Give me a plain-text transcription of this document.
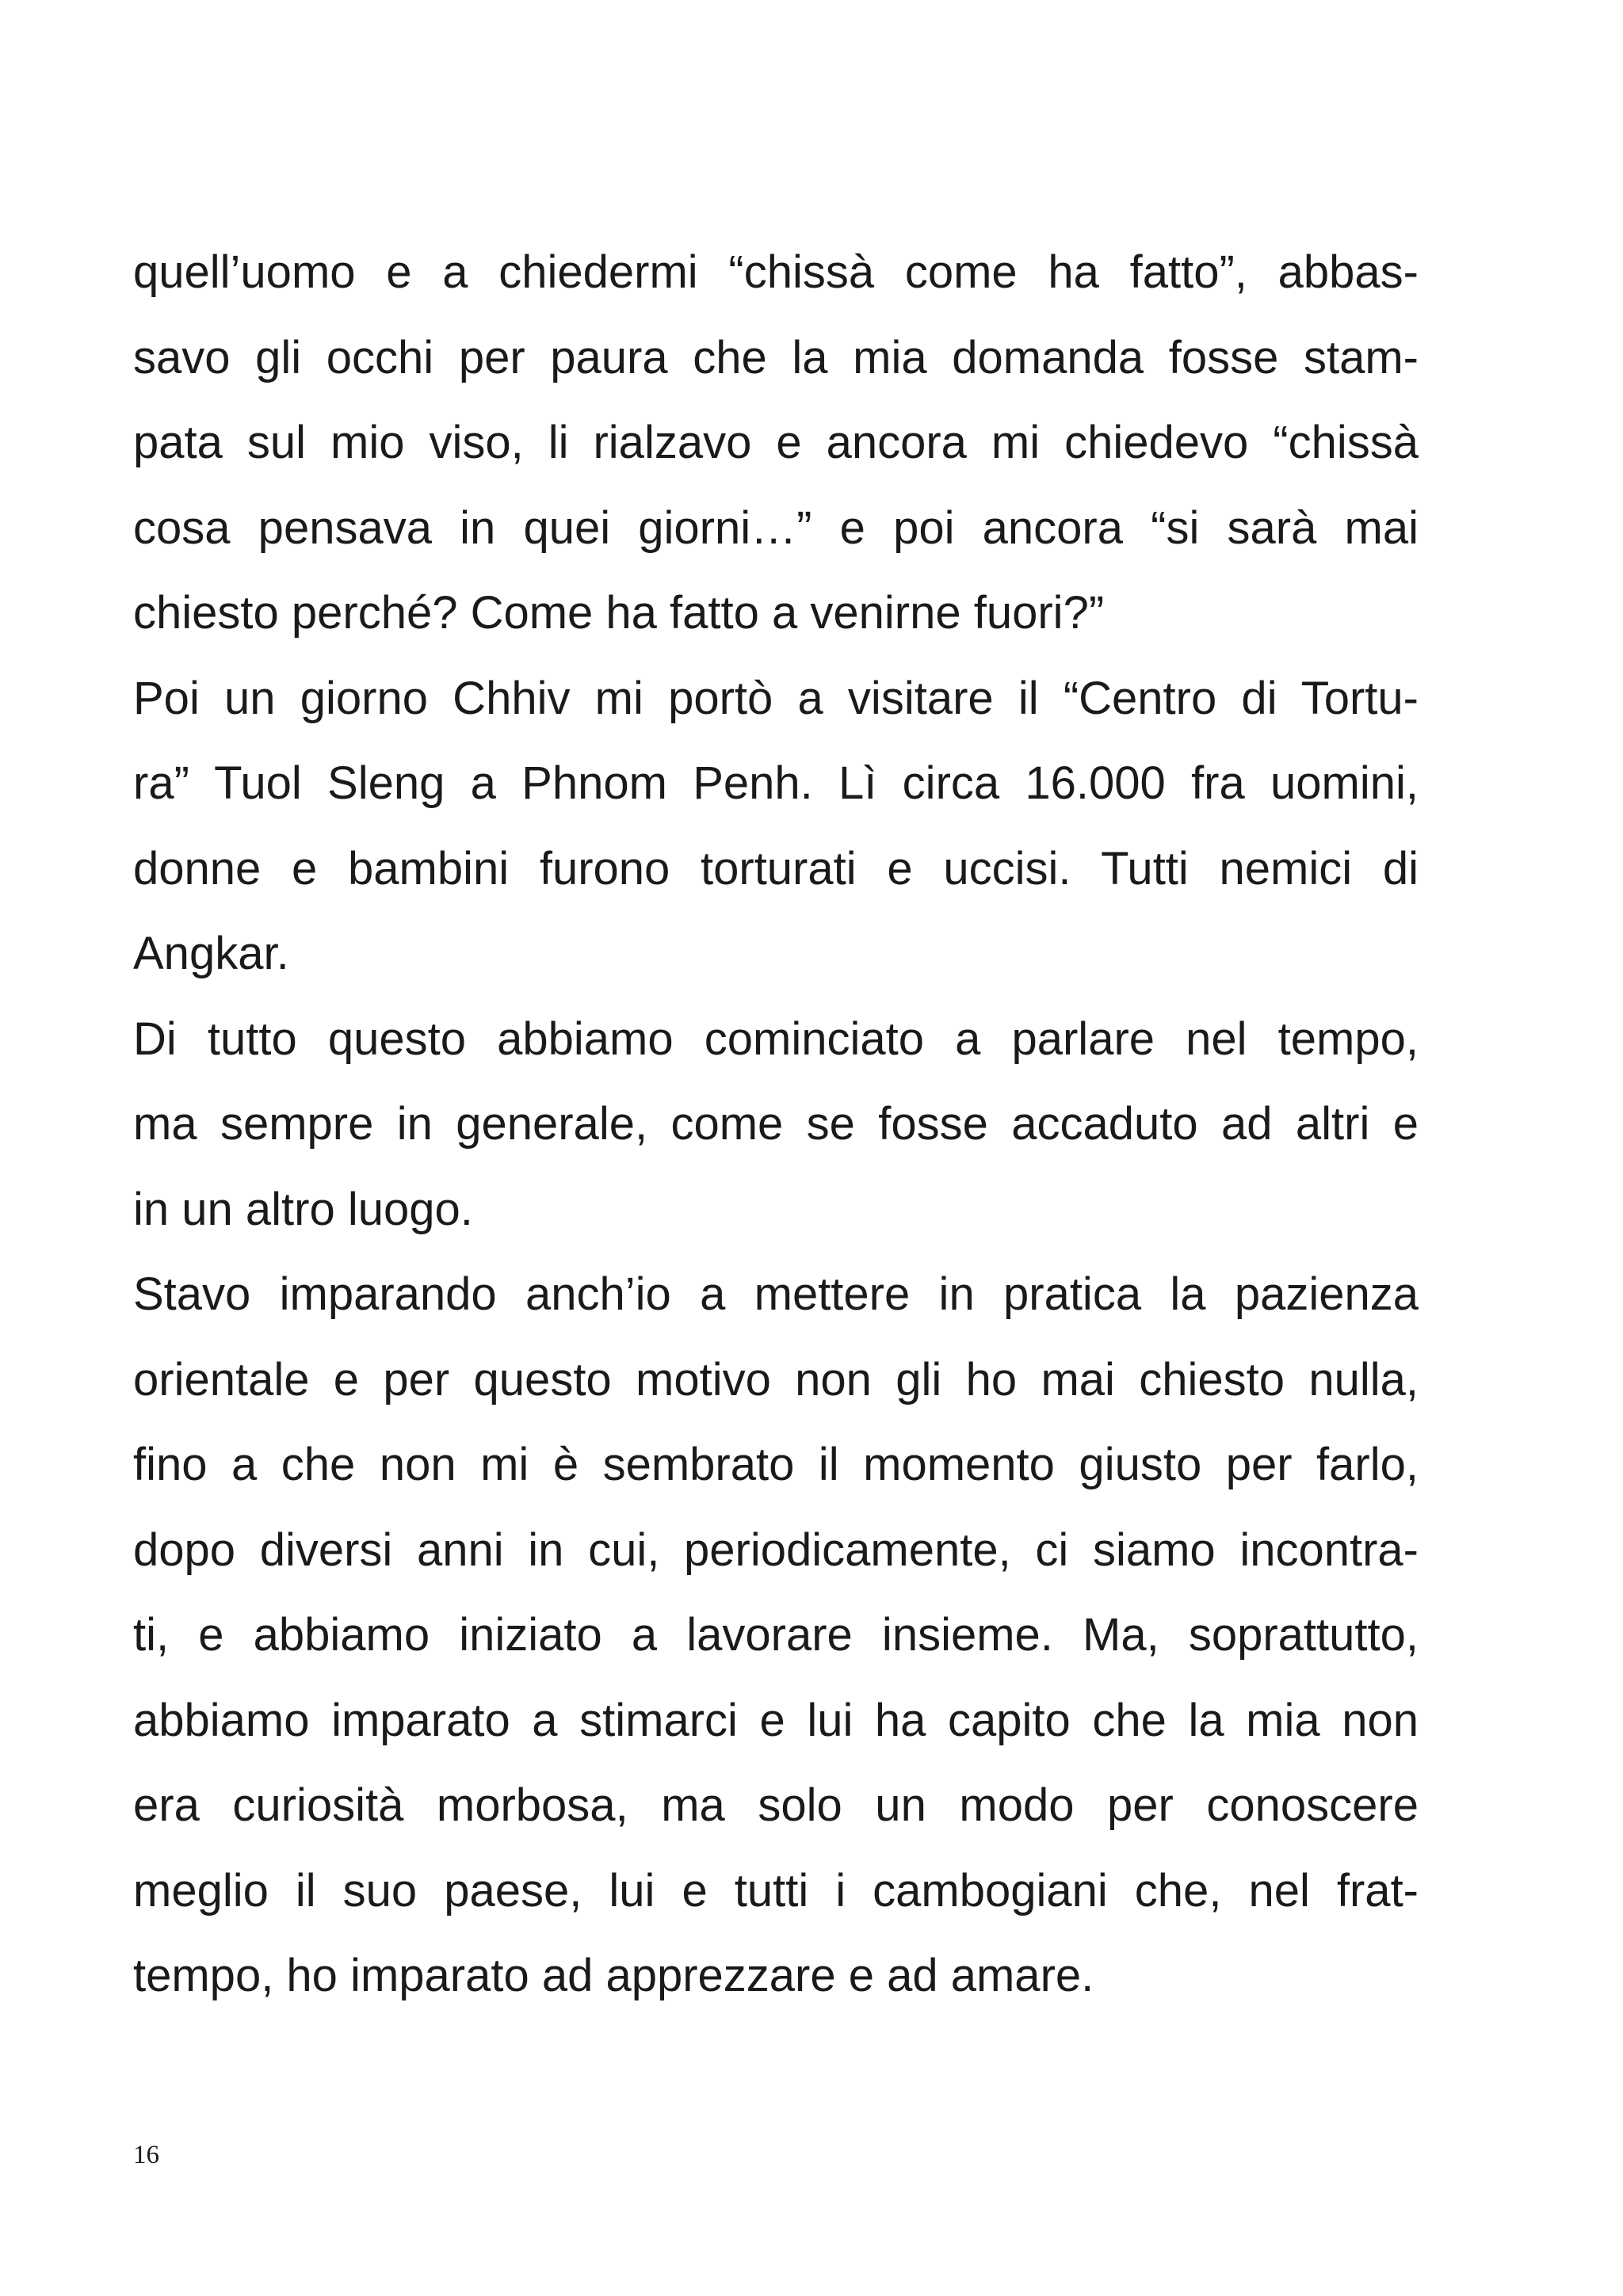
quell’uomo e a chiedermi “chissà come ha fatto”, abbas-
savo gli occhi per paura che la mia domanda fosse stam-
pata sul mio viso, li rialzavo e ancora mi chiedevo “chissà
cosa pensava in quei giorni…” e poi ancora “si sarà mai
chiesto perché? Come ha fatto a venirne fuori?”
Poi un giorno Chhiv mi portò a visitare il “Centro di Tortu-
ra” Tuol Sleng a Phnom Penh. Lì circa 16.000 fra uomini,
donne e bambini furono torturati e uccisi. Tutti nemici di
Angkar.
Di tutto questo abbiamo cominciato a parlare nel tempo,
ma sempre in generale, come se fosse accaduto ad altri e
in un altro luogo.
Stavo imparando anch’io a mettere in pratica la pazienza
orientale e per questo motivo non gli ho mai chiesto nulla,
fino a che non mi è sembrato il momento giusto per farlo,
dopo diversi anni in cui, periodicamente, ci siamo incontra-
ti, e abbiamo iniziato a lavorare insieme. Ma, soprattutto,
abbiamo imparato a stimarci e lui ha capito che la mia non
era curiosità morbosa, ma solo un modo per conoscere
meglio il suo paese, lui e tutti i cambogiani che, nel frat-
tempo, ho imparato ad apprezzare e ad amare.
16
